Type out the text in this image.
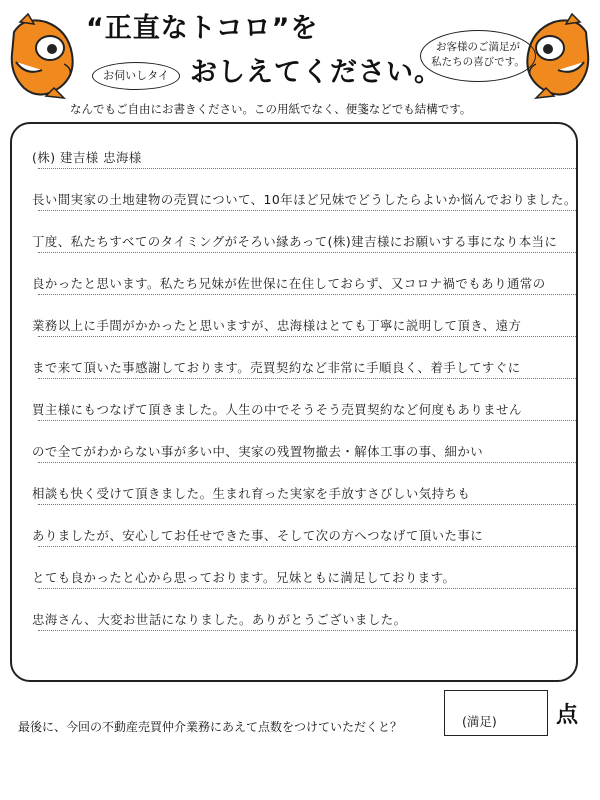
“正直なトコロ”を
おしえてください。
お伺いしタイ
お客様のご満足が
私たちの喜びです。
なんでもご自由にお書きください。この用紙でなく、便箋などでも結構です。
(株) 建吉様 忠海様
長い間実家の土地建物の売買について、10年ほど兄妹でどうしたらよいか悩んでおりました。
丁度、私たちすべてのタイミングがそろい縁あって(株)建吉様にお願いする事になり本当に
良かったと思います。私たち兄妹が佐世保に在住しておらず、又コロナ禍でもあり通常の
業務以上に手間がかかったと思いますが、忠海様はとても丁寧に説明して頂き、遠方
まで来て頂いた事感謝しております。売買契約など非常に手順良く、着手してすぐに
買主様にもつなげて頂きました。人生の中でそうそう売買契約など何度もありません
ので全てがわからない事が多い中、実家の残置物撤去・解体工事の事、細かい
相談も快く受けて頂きました。生まれ育った実家を手放すさびしい気持ちも
ありましたが、安心してお任せできた事、そして次の方へつなげて頂いた事に
とても良かったと心から思っております。兄妹ともに満足しております。
忠海さん、大変お世話になりました。ありがとうございました。
最後に、今回の不動産売買仲介業務にあえて点数をつけていただくと？	(満足)	点
